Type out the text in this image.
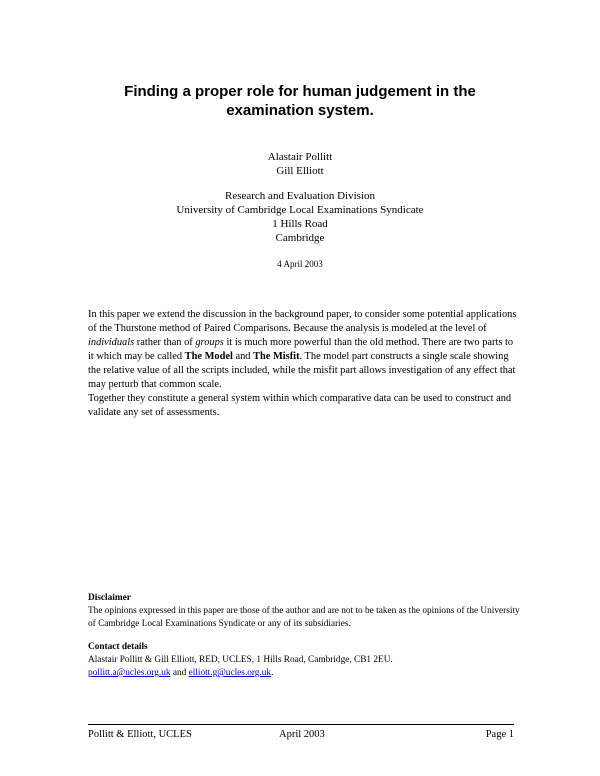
Finding a proper role for human judgement in the
examination system.
Alastair Pollitt
Gill Elliott
Research and Evaluation Division
University of Cambridge Local Examinations Syndicate
1 Hills Road
Cambridge
4 April 2003

In this paper we extend the discussion in the background paper, to consider some potential applications of the Thurstone method of Paired Comparisons. Because the analysis is modeled at the level of individuals rather than of groups it is much more powerful than the old method. There are two parts to it which may be called The Model and The Misfit. The model part constructs a single scale showing the relative value of all the scripts included, while the misfit part allows investigation of any effect that may perturb that common scale.

Together they constitute a general system within which comparative data can be used to construct and validate any set of assessments.

Disclaimer
The opinions expressed in this paper are those of the author and are not to be taken as the opinions of the University of Cambridge Local Examinations Syndicate or any of its subsidiaries.
Contact details
Alastair Pollitt & Gill Elliott, RED, UCLES, 1 Hills Road, Cambridge, CB1 2EU.
pollitt.a@ucles.org.uk and elliott.g@ucles.org.uk.
Pollitt & Elliott, UCLES	April 2003	Page 1
